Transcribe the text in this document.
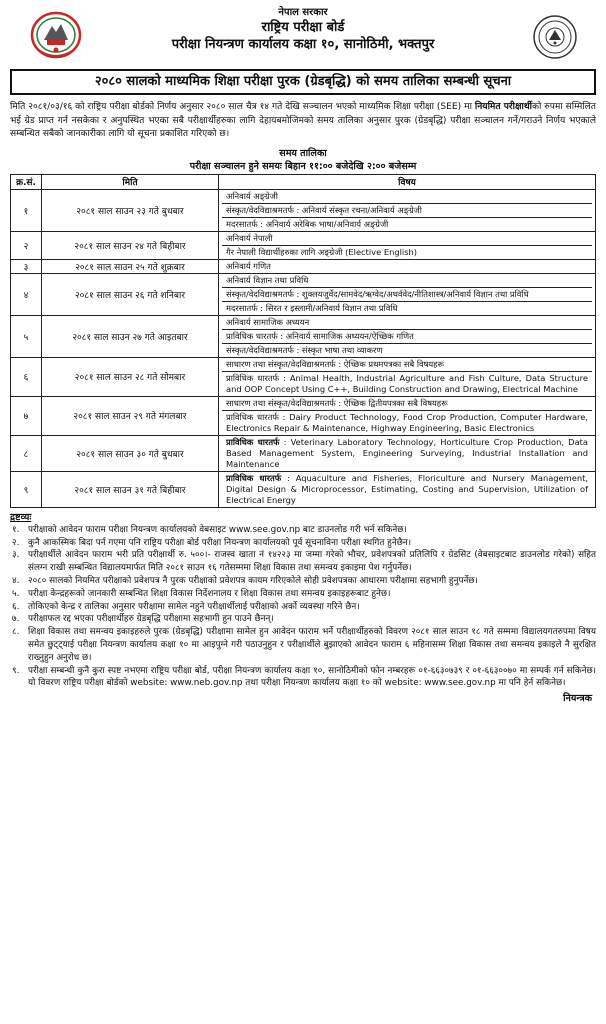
नेपाल सरकार
राष्ट्रिय परीक्षा बोर्ड
परीक्षा नियन्त्रण कार्यालय कक्षा १०, सानोठिमी, भक्तपुर
२०८० सालको माध्यमिक शिक्षा परीक्षा पुरक (ग्रेडबृद्धि) को समय तालिका सम्बन्धी सूचना
मिति २०८१/०३/१६ को राष्ट्रिय परीक्षा बोर्डको निर्णय अनुसार २०८० साल चैत्र १४ गते देखि सञ्चालन भएको माध्यमिक शिक्षा परीक्षा (SEE) मा नियमित परीक्षार्थीको रुपमा सम्मिलित भई ग्रेड प्राप्त गर्न नसकेका र अनुपस्थित भएका सबै परीक्षार्थीहरुका लागि देहायबमोजिमको समय तालिका अनुसार पुरक (ग्रेडबृद्धि) परीक्षा सञ्चालन गर्ने/गराउने निर्णय भएकाले सम्बन्धित सबैको जानकारीका लागि यो सूचना प्रकाशित गरिएको छ।
समय तालिका
परीक्षा सञ्चालन हुने समयः बिहान ११:०० बजेदेखि २:०० बजेसम्म
क्र.सं.	मिति	विषय
१	२०८१ साल साउन २३ गते बुधबार	अनिवार्य अङ्ग्रेजी
संस्कृत/वेदविद्याश्रमतर्फ : अनिवार्य संस्कृत रचना/अनिवार्य अङ्ग्रेजी
मदरसातर्फ : अनिवार्य अरेबिक भाषा/अनिवार्य अङ्ग्रेजी

२	२०८१ साल साउन २४ गते बिहीबार	अनिवार्य नेपाली
गैर नेपाली विद्यार्थीहरुका लागि अङ्ग्रेजी (Elective English)

३	२०८१ साल साउन २५ गते शुक्रबार	अनिवार्य गणित

४	२०८१ साल साउन २६ गते शनिबार	अनिवार्य विज्ञान तथा प्रविधि
संस्कृत/वेदविद्याश्रमतर्फ : शुक्लयजुर्वेद/सामवेद/ऋग्वेद/अथर्ववेद/नीतिशास्त्र/अनिवार्य विज्ञान तथा प्रविधि
मदरसातर्फ : सिरत र इस्लामी/अनिवार्य विज्ञान तथा प्रविधि

५	२०८१ साल साउन २७ गते आइतबार	अनिवार्य सामाजिक अध्ययन
प्राविधिक धारतर्फ : अनिवार्य सामाजिक अध्ययन/ऐच्छिक गणित
संस्कृत/वेदविद्याश्रमतर्फ : संस्कृत भाषा तथा व्याकरण

६	२०८१ साल साउन २८ गते सोमबार	साधारण तथा संस्कृत/वेदविद्याश्रमतर्फ : ऐच्छिक प्रथमपत्रका सबै विषयहरू
प्राविधिक धारतर्फ : Animal Health, Industrial Agriculture and Fish Culture, Data Structure and OOP Concept Using C++, Building Construction and Drawing, Electrical Machine

७	२०८१ साल साउन २९ गते मंगलबार	साधारण तथा संस्कृत/वेदविद्याश्रमतर्फ : ऐच्छिक द्वितीयपत्रका सबै विषयहरू
प्राविधिक धारतर्फ : Dairy Product Technology, Food Crop Production, Computer Hardware, Electronics Repair & Maintenance, Highway Engineering, Basic Electronics

८	२०८१ साल साउन ३० गते बुधबार	प्राविधिक धारतर्फ : Veterinary Laboratory Technology, Horticulture Crop Production, Data Based Management System, Engineering Surveying, Industrial Installation and Maintenance

९	२०८१ साल साउन ३१ गते बिहीबार	प्राविधिक धारतर्फ : Aquaculture and Fisheries, Floriculture and Nursery Management, Digital Design & Microprocessor, Estimating, Costing and Supervision, Utilization of Electrical Energy
द्रष्टव्यः
१. परीक्षाको आवेदन फाराम परीक्षा नियन्त्रण कार्यालयको वेबसाइट www.see.gov.np बाट डाउनलोड गरी भर्न सकिनेछ।
२. कुनै आकस्मिक बिदा पर्न गएमा पनि राष्ट्रिय परीक्षा बोर्ड परीक्षा नियन्त्रण कार्यालयको पूर्व सूचनाविना परीक्षा स्थगित हुनेछैन।
३. परीक्षार्थीले आवेदन फाराम भरी प्रति परीक्षार्थी रु. ५००।- राजस्व खाता नं १४२२३ मा जम्मा गरेको भौचर, प्रवेशपत्रको प्रतिलिपि र ग्रेडसिट (वेबसाइटबाट डाउनलोड गरेको) सहित संलग्न राखी सम्बन्धित विद्यालयमार्फत मिति २०८१ साउन १६ गतेसम्ममा शिक्षा विकास तथा समन्वय इकाइमा पेश गर्नुपर्नेछ।
४. २०८० सालको नियमित परीक्षाको प्रवेशपत्र नै पुरक परीक्षाको प्रवेशपत्र कायम गरिएकोले सोही प्रवेशपत्रका आधारमा परीक्षामा सहभागी हुनुपर्नेछ।
५. परीक्षा केन्द्रहरूको जानकारी सम्बन्धित शिक्षा विकास निर्देशनालय र शिक्षा विकास तथा समन्वय इकाइहरूबाट हुनेछ।
६. तोकिएको केन्द्र र तालिका अनुसार परीक्षामा सामेल नहुने परीक्षार्थीलाई परीक्षाको अर्को व्यवस्था गरिने छैन।
७. परीक्षाफल रद्द भएका परीक्षार्थीहरु ग्रेडबृद्धि परीक्षामा सहभागी हुन पाउने छैनन्।
८. शिक्षा विकास तथा समन्वय इकाइहरुले पुरक (ग्रेडबृद्धि) परीक्षामा सामेल हुन आवेदन फाराम भर्ने परीक्षार्थीहरुको विवरण २०८१ साल साउन १८ गते सम्ममा विद्यालयगतरुपमा विषय समेत छुट्ट्याई परीक्षा नियन्त्रण कार्यालय कक्षा १० मा आइपुग्ने गरी पठाउनुहुन र परीक्षार्थीले बुझाएको आवेदन फाराम ६ महिनासम्म शिक्षा विकास तथा समन्वय इकाइले नै सुरक्षित राख्नुहुन अनुरोध छ।
९. परीक्षा सम्बन्धी कुनै कुरा स्पष्ट नभएमा राष्ट्रिय परीक्षा बोर्ड, परीक्षा नियन्त्रण कार्यालय कक्षा १०, सानोठिमीको फोन नम्बरहरू ०१-६६३०७३९ र ०१-६६३००७० मा सम्पर्क गर्न सकिनेछ। यो विवरण राष्ट्रिय परीक्षा बोर्डको website: www.neb.gov.np तथा परीक्षा नियन्त्रण कार्यालय कक्षा १० को website: www.see.gov.np मा पनि हेर्न सकिनेछ।
नियन्त्रक
